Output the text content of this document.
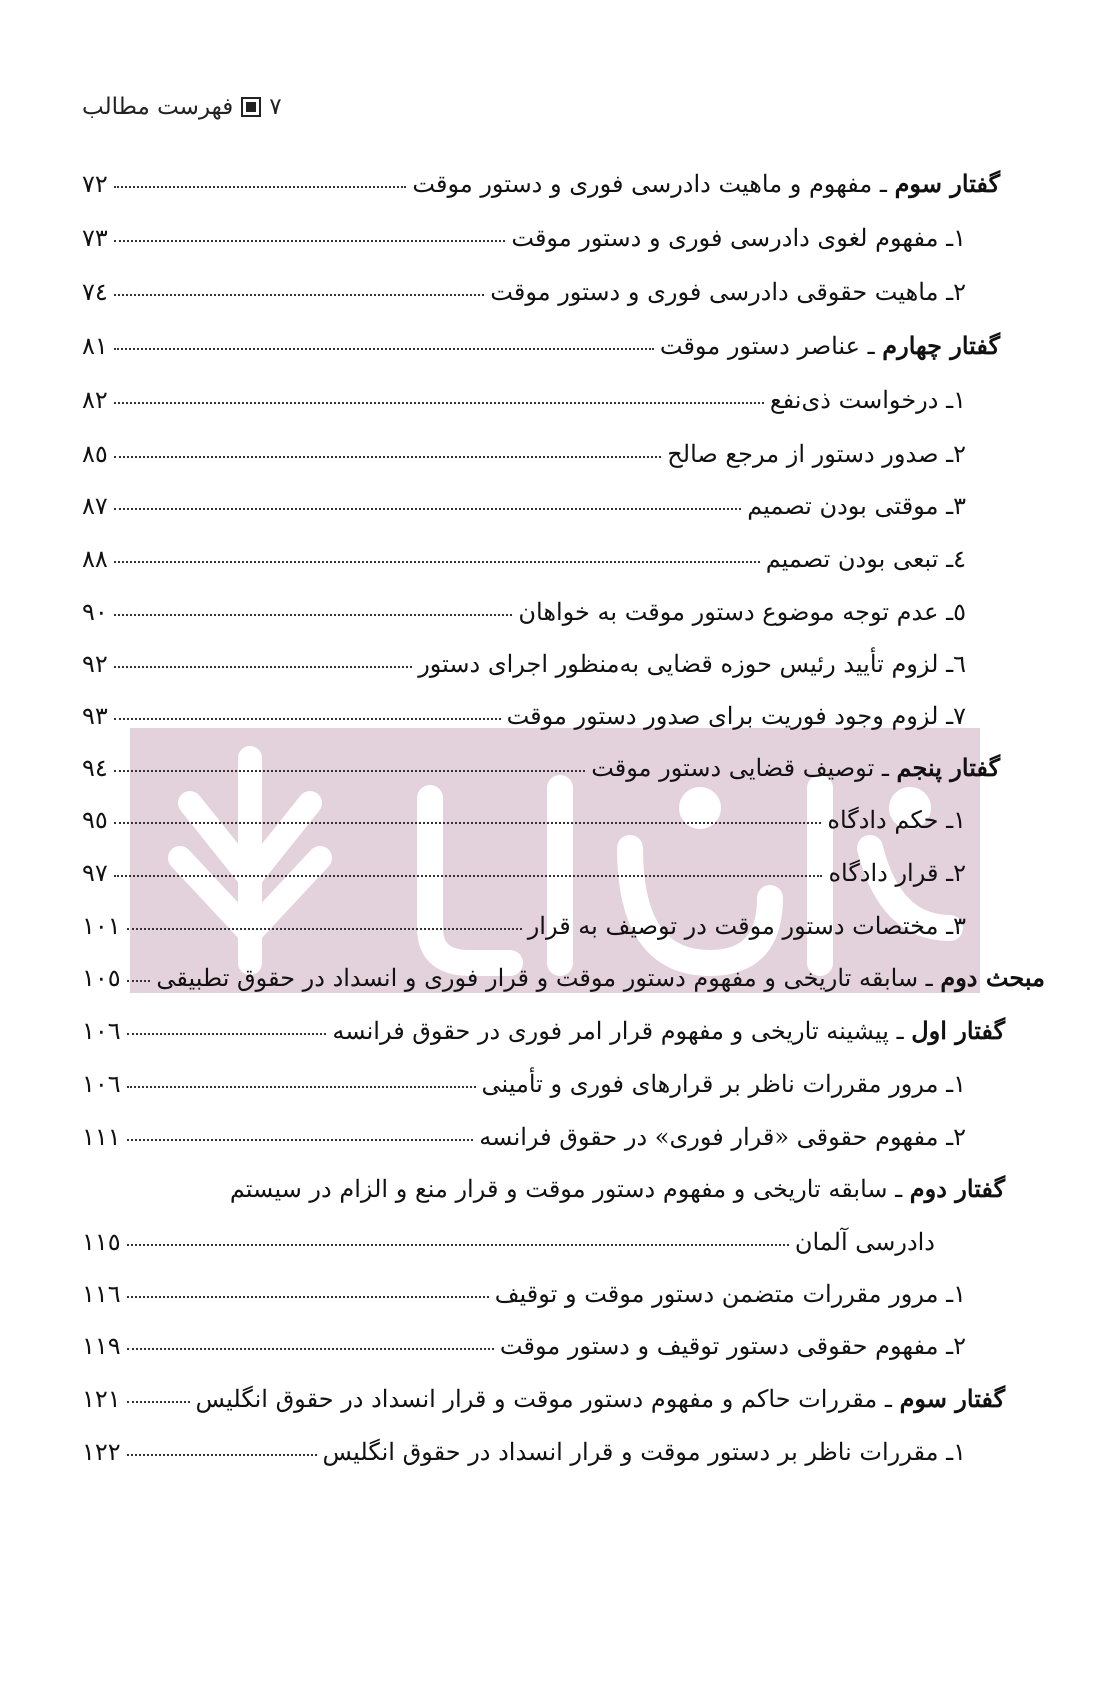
٧
فهرست مطالب
گفتار سوم ـ مفهوم و ماهیت دادرسی فوری و دستور موقت
٧٢
١ـ مفهوم لغوی دادرسی فوری و دستور موقت
٧٣
٢ـ ماهیت حقوقی دادرسی فوری و دستور موقت
٧٤
گفتار چهارم ـ عناصر دستور موقت
٨١
١ـ درخواست ذی‌نفع
٨٢
٢ـ صدور دستور از مرجع صالح
٨٥
٣ـ موقتی بودن تصمیم
٨٧
٤ـ تبعی بودن تصمیم
٨٨
٥ـ عدم توجه موضوع دستور موقت به خواهان
٩٠
٦ـ لزوم تأیید رئیس حوزه قضایی به‌منظور اجرای دستور
٩٢
٧ـ لزوم وجود فوریت برای صدور دستور موقت
٩٣
گفتار پنجم ـ توصیف قضایی دستور موقت
٩٤
١ـ حکم دادگاه
٩٥
٢ـ قرار دادگاه
٩٧
٣ـ مختصات دستور موقت در توصیف به قرار
١٠١
مبحث دوم ـ سابقه تاریخی و مفهوم دستور موقت و قرار فوری و انسداد در حقوق تطبیقی
١٠٥
گفتار اول ـ پیشینه تاریخی و مفهوم قرار امر فوری در حقوق فرانسه
١٠٦
١ـ مرور مقررات ناظر بر قرارهای فوری و تأمینی
١٠٦
٢ـ مفهوم حقوقی «قرار فوری» در حقوق فرانسه
١١١
گفتار دوم ـ سابقه تاریخی و مفهوم دستور موقت و قرار منع و الزام در سیستم
دادرسی آلمان
١١٥
١ـ مرور مقررات متضمن دستور موقت و توقیف
١١٦
٢ـ مفهوم حقوقی دستور توقیف و دستور موقت
١١٩
گفتار سوم ـ مقررات حاکم و مفهوم دستور موقت و قرار انسداد در حقوق انگلیس
١٢١
١ـ مقررات ناظر بر دستور موقت و قرار انسداد در حقوق انگلیس
١٢٢
